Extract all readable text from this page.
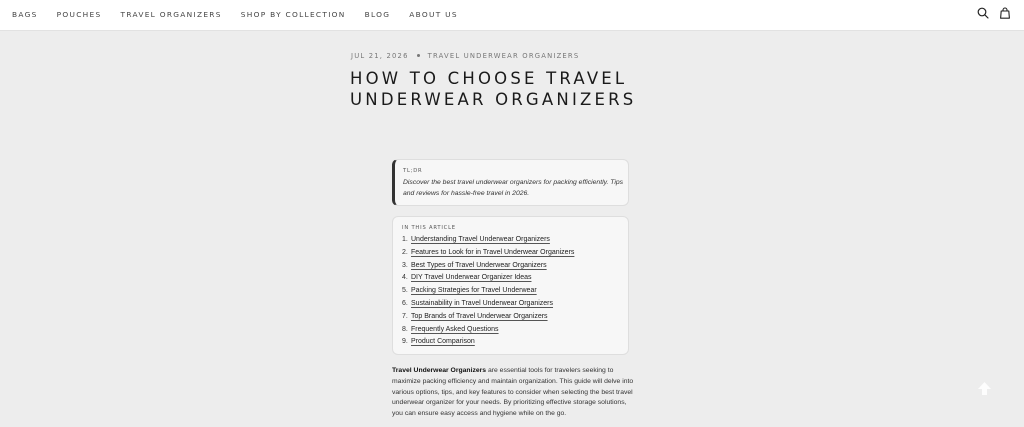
BAGS	POUCHES	TRAVEL ORGANIZERS	SHOP BY COLLECTION	BLOG	ABOUT US
JUL 21, 2026	TRAVEL UNDERWEAR ORGANIZERS
HOW TO CHOOSE TRAVEL UNDERWEAR ORGANIZERS
TL;DR
Discover the best travel underwear organizers for packing efficiently. Tips and reviews for hassle-free travel in 2026.
IN THIS ARTICLE
1. Understanding Travel Underwear Organizers
2. Features to Look for in Travel Underwear Organizers
3. Best Types of Travel Underwear Organizers
4. DIY Travel Underwear Organizer Ideas
5. Packing Strategies for Travel Underwear
6. Sustainability in Travel Underwear Organizers
7. Top Brands of Travel Underwear Organizers
8. Frequently Asked Questions
9. Product Comparison

Travel Underwear Organizers are essential tools for travelers seeking to maximize packing efficiency and maintain organization. This guide will delve into various options, tips, and key features to consider when selecting the best travel underwear organizer for your needs. By prioritizing effective storage solutions, you can ensure easy access and hygiene while on the go.
